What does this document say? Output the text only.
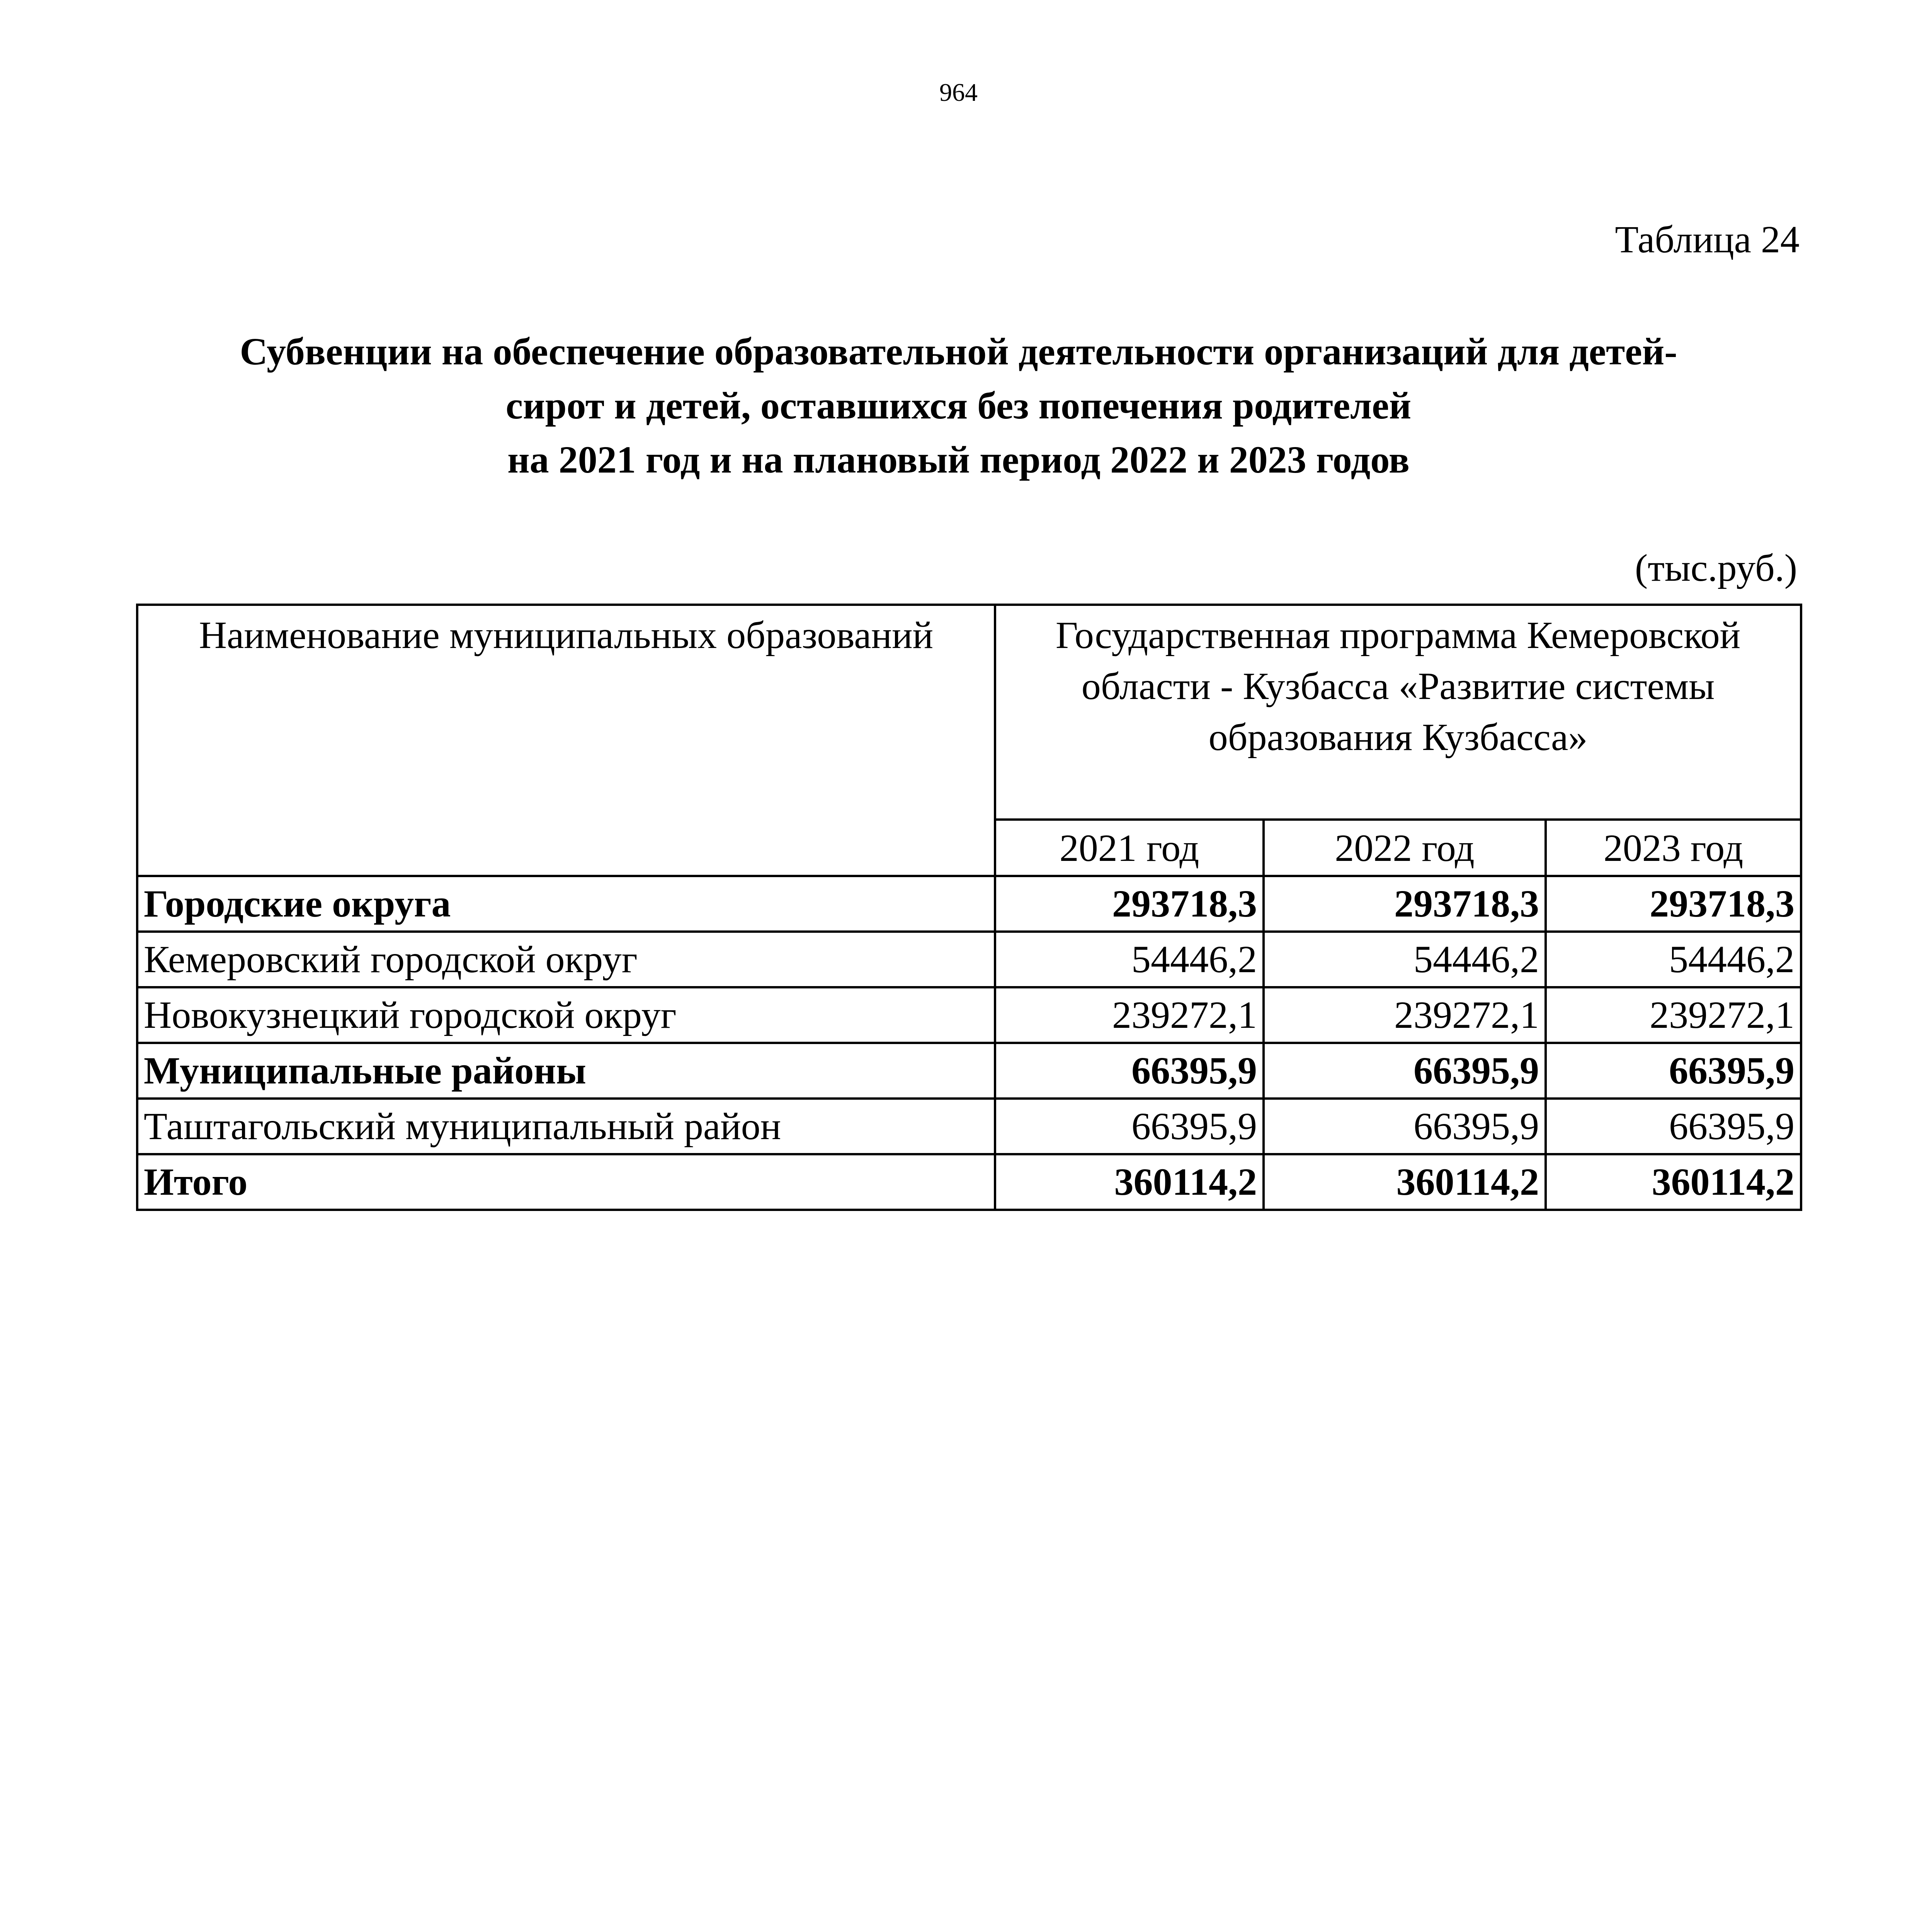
964
Таблица 24
Субвенции на обеспечение образовательной деятельности организаций для детей-
сирот и детей, оставшихся без попечения родителей
на 2021 год и на плановый период 2022 и 2023 годов
(тыс.руб.)
Наименование муниципальных образований	Государственная программа Кемеровской
области - Кузбасса «Развитие системы
образования Кузбасса»		

	2021 год	2022 год	2023 год
Городские округа	293718,3	293718,3	293718,3
Кемеровский городской округ	54446,2	54446,2	54446,2
Новокузнецкий городской округ	239272,1	239272,1	239272,1
Муниципальные районы	66395,9	66395,9	66395,9
Таштагольский муниципальный район	66395,9	66395,9	66395,9
Итого	360114,2	360114,2	360114,2
